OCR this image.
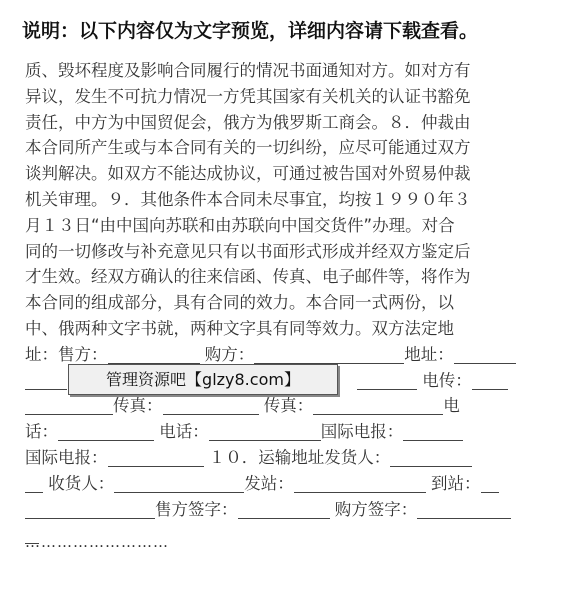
说明：以下内容仅为文字预览，详细内容请下载查看。
质、毁坏程度及影响合同履行的情况书面通知对方。如对方有
异议，发生不可抗力情况一方凭其国家有关机关的认证书豁免
责任，中方为中国贸促会，俄方为俄罗斯工商会。８．仲裁由
本合同所产生或与本合同有关的一切纠纷，应尽可能通过双方
谈判解决。如双方不能达成协议，可通过被告国对外贸易仲裁
机关审理。９．其他条件本合同未尽事宜，均按１９９０年３
月１３日“由中国向苏联和由苏联向中国交货件”办理。对合
同的一切修改与补充意见只有以书面形式形成并经双方鉴定后
才生效。经双方确认的往来信函、传真、电子邮件等，将作为
本合同的组成部分，具有合同的效力。本合同一式两份，以
中、俄两种文字书就，两种文字具有同等效力。双方法定地
址：售方：	购方：	地址：
电传：
传真：	传真：	电
话：	电话：	国际电报：
国际电报：	１０．运输地址发货人：
收货人：	发站：	到站：
售方签字：	购方签字：
管理资源吧【glzy8.com】
………………………
